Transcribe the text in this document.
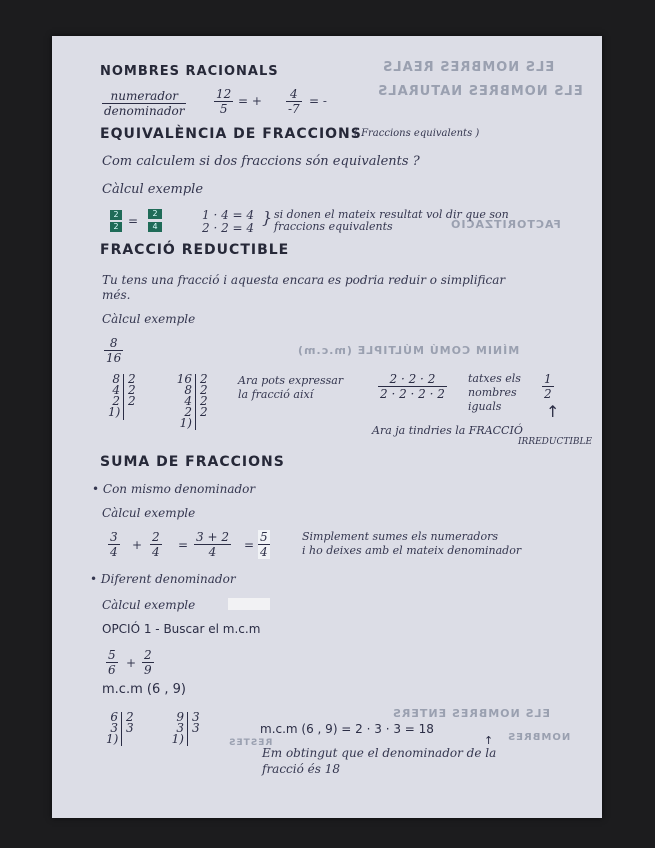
ELS NOMBRES REALS
ELS NOMBRES NATURALS
FACTORITZACIÓ
MÍNIM COMÚ MÚLTIPLE (m.c.m)
ELS NOMBRES ENTERS
NOMBRES
RESTES
NOMBRES RACIONALS
numerador
denominador $\frac{12}{5}$ = + $\frac{4}{-7}$ = -
EQUIVALÈNCIA DE FRACCIONS
( Fraccions equivalents )
Com calculem si dos fraccions són equivalents ?
Càlcul exemple
2
2 =
2
4
1 · 4 = 4
2 · 2 = 4
} si donen el mateix resultat vol dir que son
fraccions equivalents
FRACCIÓ REDUCTIBLE
Tu tens una fracció i aquesta encara es podria reduir o simplificar
més.
Càlcul exemple
$\frac{8}{16}$
8
4
2
1)
2
2
2
16
8
4
2
1)
2
2
2
2
Ara pots expressar
la fracció així	$\frac{2 \cdot 2 \cdot 2}{2 \cdot 2 \cdot 2 \cdot 2}$ tatxes els
nombres
iguals
$\frac{1}{2}$
↑
Ara ja tindries la FRACCIÓ
IRREDUCTIBLE
SUMA DE FRACCIONS
• Con mismo denominador
Càlcul exemple
$\frac{3}{4} + \frac{2}{4} = \frac{3 + 2}{4} = \frac{5}{4}$	Simplement sumes els numeradors
i ho deixes amb el mateix denominador
• Diferent denominador
Càlcul exemple
OPCIÓ 1 - Buscar el m.c.m
$\frac{5}{6} + \frac{2}{9}$
m.c.m (6 , 9)
6
3
1)
2
3
9
3
1)
3
3	m.c.m (6 , 9) = 2 · 3 · 3 = 18
↑
Em obtingut que el denominador de la
fracció és 18
